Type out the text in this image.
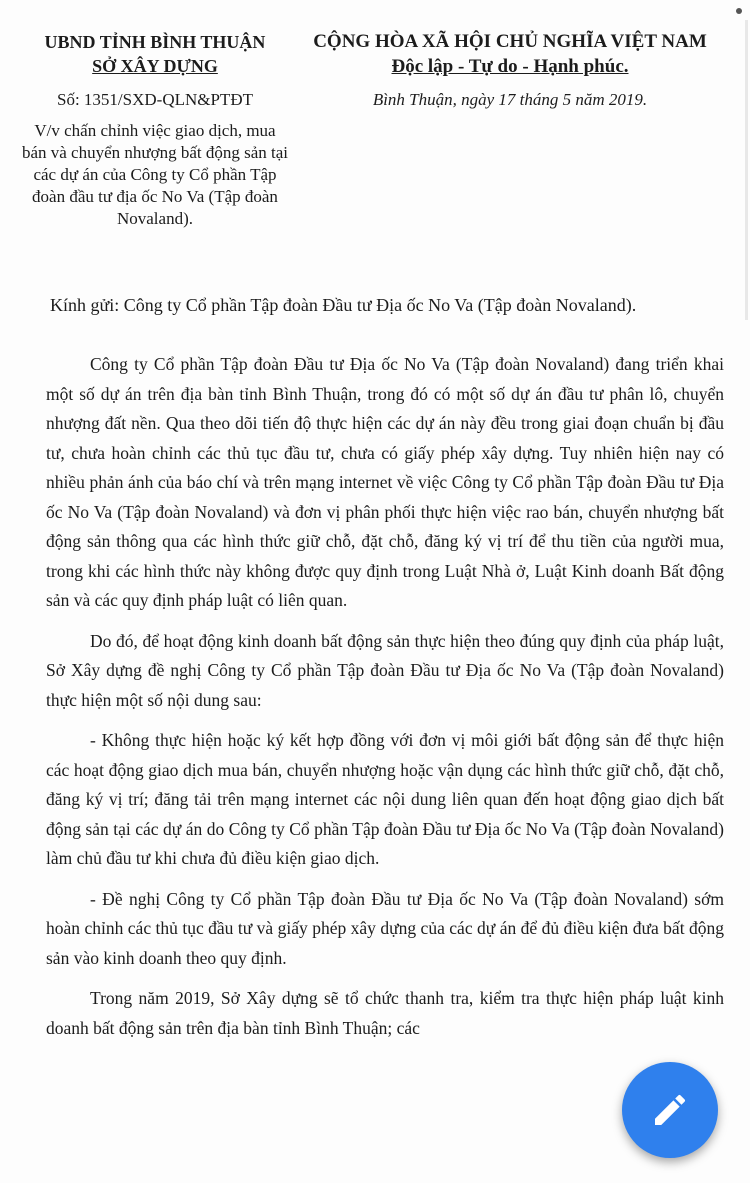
UBND TỈNH BÌNH THUẬN
SỞ XÂY DỰNG
Số: 1351/SXD-QLN&PTĐT
V/v chấn chỉnh việc giao dịch, mua bán và chuyển nhượng bất động sản tại các dự án của Công ty Cổ phần Tập đoàn đầu tư địa ốc No Va (Tập đoàn Novaland).
CỘNG HÒA XÃ HỘI CHỦ NGHĨA VIỆT NAM
Độc lập - Tự do - Hạnh phúc.
Bình Thuận, ngày 17 tháng 5 năm 2019.
Kính gửi: Công ty Cổ phần Tập đoàn Đầu tư Địa ốc No Va (Tập đoàn Novaland).

Công ty Cổ phần Tập đoàn Đầu tư Địa ốc No Va (Tập đoàn Novaland) đang triển khai một số dự án trên địa bàn tỉnh Bình Thuận, trong đó có một số dự án đầu tư phân lô, chuyển nhượng đất nền. Qua theo dõi tiến độ thực hiện các dự án này đều trong giai đoạn chuẩn bị đầu tư, chưa hoàn chỉnh các thủ tục đầu tư, chưa có giấy phép xây dựng. Tuy nhiên hiện nay có nhiều phản ánh của báo chí và trên mạng internet về việc Công ty Cổ phần Tập đoàn Đầu tư Địa ốc No Va (Tập đoàn Novaland) và đơn vị phân phối thực hiện việc rao bán, chuyển nhượng bất động sản thông qua các hình thức giữ chỗ, đặt chỗ, đăng ký vị trí để thu tiền của người mua, trong khi các hình thức này không được quy định trong Luật Nhà ở, Luật Kinh doanh Bất động sản và các quy định pháp luật có liên quan.

Do đó, để hoạt động kinh doanh bất động sản thực hiện theo đúng quy định của pháp luật, Sở Xây dựng đề nghị Công ty Cổ phần Tập đoàn Đầu tư Địa ốc No Va (Tập đoàn Novaland) thực hiện một số nội dung sau:

- Không thực hiện hoặc ký kết hợp đồng với đơn vị môi giới bất động sản để thực hiện các hoạt động giao dịch mua bán, chuyển nhượng hoặc vận dụng các hình thức giữ chỗ, đặt chỗ, đăng ký vị trí; đăng tải trên mạng internet các nội dung liên quan đến hoạt động giao dịch bất động sản tại các dự án do Công ty Cổ phần Tập đoàn Đầu tư Địa ốc No Va (Tập đoàn Novaland) làm chủ đầu tư khi chưa đủ điều kiện giao dịch.

- Đề nghị Công ty Cổ phần Tập đoàn Đầu tư Địa ốc No Va (Tập đoàn Novaland) sớm hoàn chỉnh các thủ tục đầu tư và giấy phép xây dựng của các dự án để đủ điều kiện đưa bất động sản vào kinh doanh theo quy định.

Trong năm 2019, Sở Xây dựng sẽ tổ chức thanh tra, kiểm tra thực hiện pháp luật kinh doanh bất động sản trên địa bàn tỉnh Bình Thuận; các
